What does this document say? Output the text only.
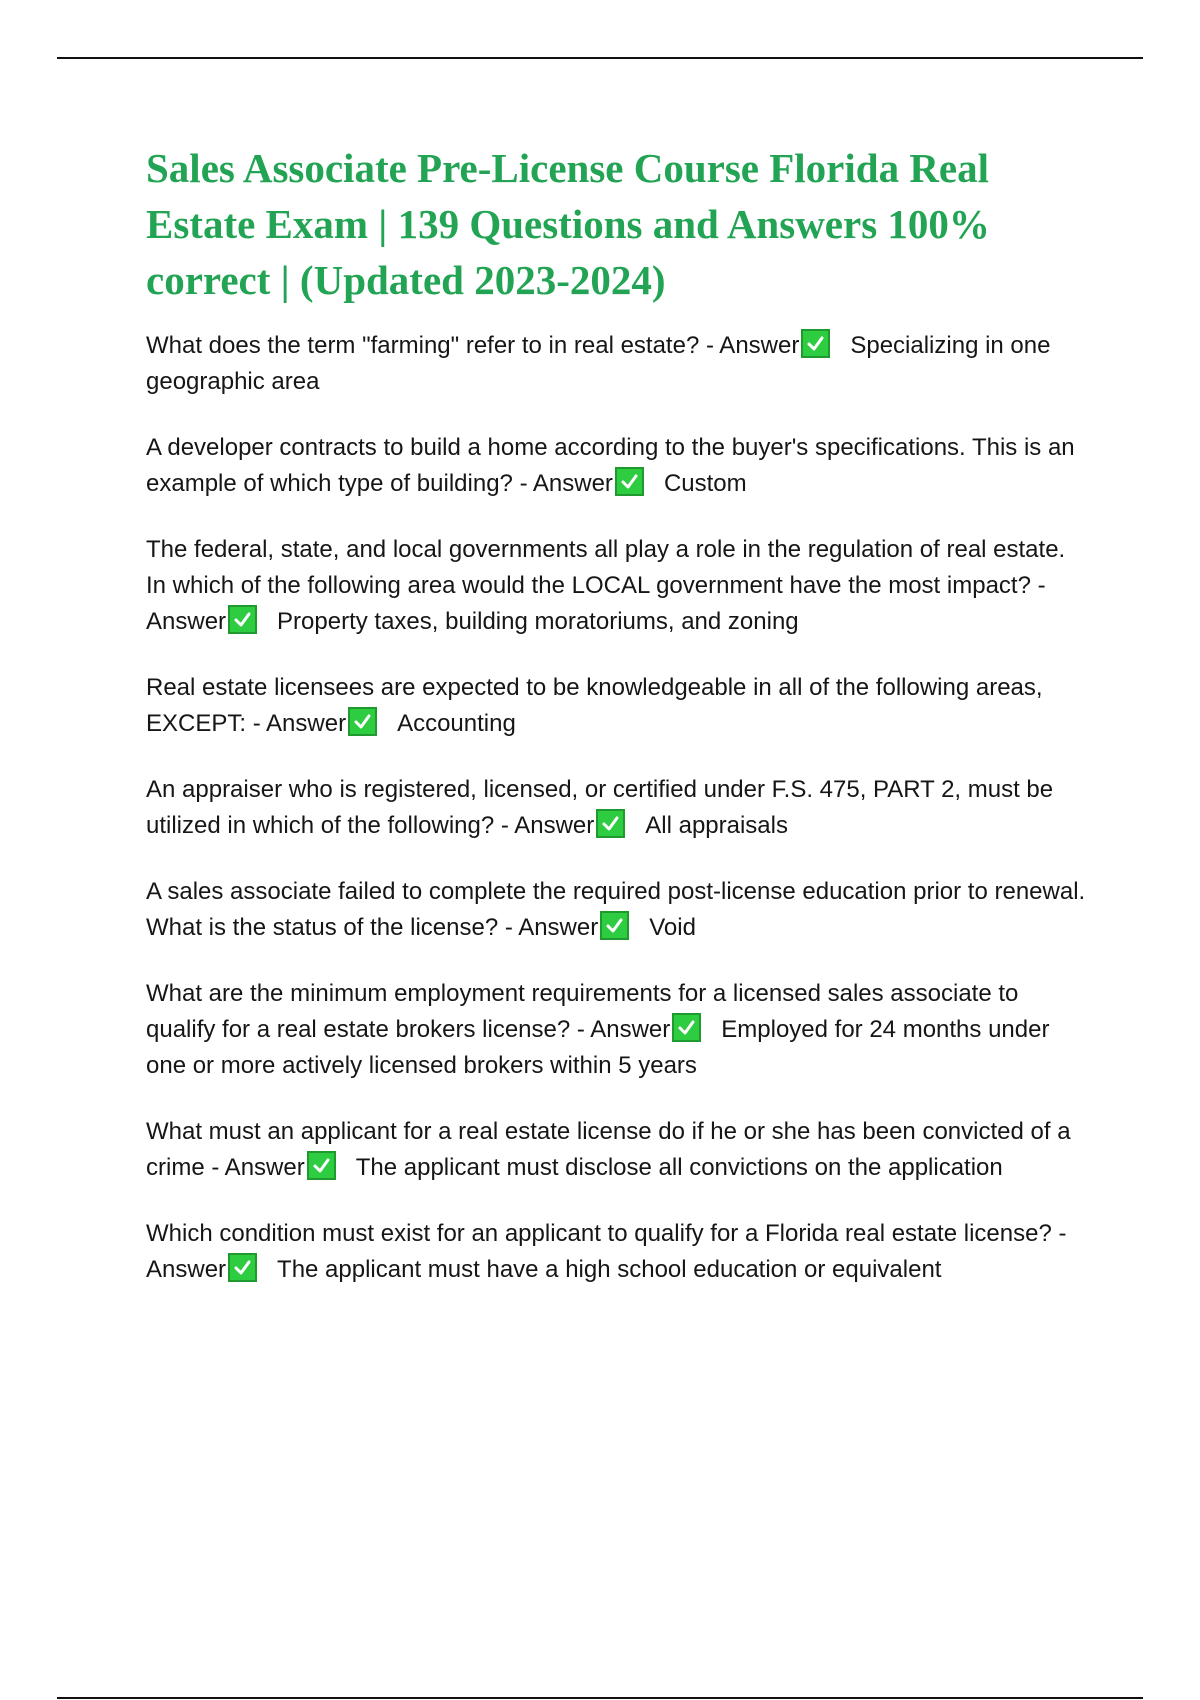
Sales Associate Pre-License Course Florida Real Estate Exam | 139 Questions and Answers 100% correct | (Updated 2023-2024)

What does the term "farming" refer to in real estate? - Answer Specializing in one geographic area

A developer contracts to build a home according to the buyer's specifications. This is an example of which type of building? - Answer Custom

The federal, state, and local governments all play a role in the regulation of real estate. In which of the following area would the LOCAL government have the most impact? - Answer Property taxes, building moratoriums, and zoning

Real estate licensees are expected to be knowledgeable in all of the following areas, EXCEPT: - Answer Accounting

An appraiser who is registered, licensed, or certified under F.S. 475, PART 2, must be utilized in which of the following? - Answer All appraisals

A sales associate failed to complete the required post-license education prior to renewal. What is the status of the license? - Answer Void

What are the minimum employment requirements for a licensed sales associate to qualify for a real estate brokers license? - Answer Employed for 24 months under one or more actively licensed brokers within 5 years

What must an applicant for a real estate license do if he or she has been convicted of a crime - Answer The applicant must disclose all convictions on the application

Which condition must exist for an applicant to qualify for a Florida real estate license? - Answer The applicant must have a high school education or equivalent
